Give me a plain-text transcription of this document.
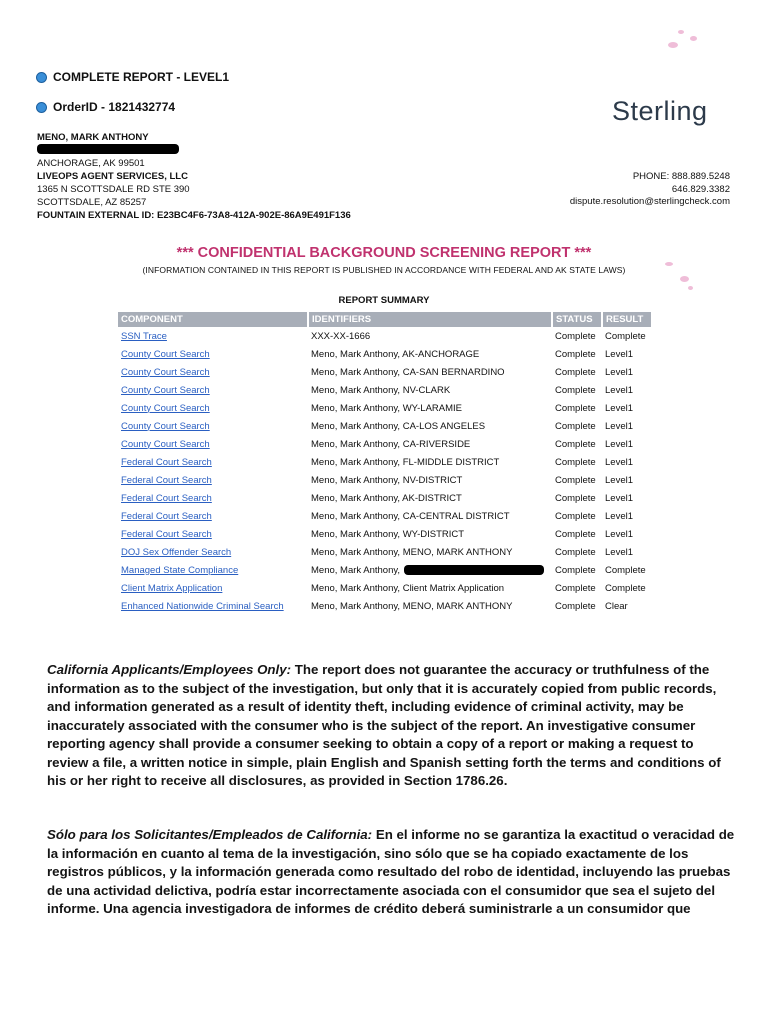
COMPLETE REPORT - LEVEL1
OrderID - 1821432774
MENO, MARK ANTHONY
ANCHORAGE, AK 99501
LIVEOPS AGENT SERVICES, LLC
1365 N SCOTTSDALE RD STE 390
SCOTTSDALE, AZ 85257
FOUNTAIN EXTERNAL ID: E23BC4F6-73A8-412A-902E-86A9E491F136
Sterling
PHONE: 888.889.5248
646.829.3382
dispute.resolution@sterlingcheck.com
*** CONFIDENTIAL BACKGROUND SCREENING REPORT ***
(INFORMATION CONTAINED IN THIS REPORT IS PUBLISHED IN ACCORDANCE WITH FEDERAL AND AK STATE LAWS)
REPORT SUMMARY
COMPONENT	IDENTIFIERS	STATUS	RESULT
SSN Trace	XXX-XX-1666	Complete	Complete
County Court Search	Meno, Mark Anthony, AK-ANCHORAGE	Complete	Level1
County Court Search	Meno, Mark Anthony, CA-SAN BERNARDINO	Complete	Level1
County Court Search	Meno, Mark Anthony, NV-CLARK	Complete	Level1
County Court Search	Meno, Mark Anthony, WY-LARAMIE	Complete	Level1
County Court Search	Meno, Mark Anthony, CA-LOS ANGELES	Complete	Level1
County Court Search	Meno, Mark Anthony, CA-RIVERSIDE	Complete	Level1
Federal Court Search	Meno, Mark Anthony, FL-MIDDLE DISTRICT	Complete	Level1
Federal Court Search	Meno, Mark Anthony, NV-DISTRICT	Complete	Level1
Federal Court Search	Meno, Mark Anthony, AK-DISTRICT	Complete	Level1
Federal Court Search	Meno, Mark Anthony, CA-CENTRAL DISTRICT	Complete	Level1
Federal Court Search	Meno, Mark Anthony, WY-DISTRICT	Complete	Level1
DOJ Sex Offender Search	Meno, Mark Anthony, MENO, MARK ANTHONY	Complete	Level1
Managed State Compliance	Meno, Mark Anthony,	Complete	Complete
Client Matrix Application	Meno, Mark Anthony, Client Matrix Application	Complete	Complete
Enhanced Nationwide Criminal Search	Meno, Mark Anthony, MENO, MARK ANTHONY	Complete	Clear
California Applicants/Employees Only: The report does not guarantee the accuracy or truthfulness of the information as to the subject of the investigation, but only that it is accurately copied from public records, and information generated as a result of identity theft, including evidence of criminal activity, may be inaccurately associated with the consumer who is the subject of the report. An investigative consumer reporting agency shall provide a consumer seeking to obtain a copy of a report or making a request to review a file, a written notice in simple, plain English and Spanish setting forth the terms and conditions of his or her right to receive all disclosures, as provided in Section 1786.26.
Sólo para los Solicitantes/Empleados de California: En el informe no se garantiza la exactitud o veracidad de la información en cuanto al tema de la investigación, sino sólo que se ha copiado exactamente de los registros públicos, y la información generada como resultado del robo de identidad, incluyendo las pruebas de una actividad delictiva, podría estar incorrectamente asociada con el consumidor que sea el sujeto del informe. Una agencia investigadora de informes de crédito deberá suministrarle a un consumidor que
